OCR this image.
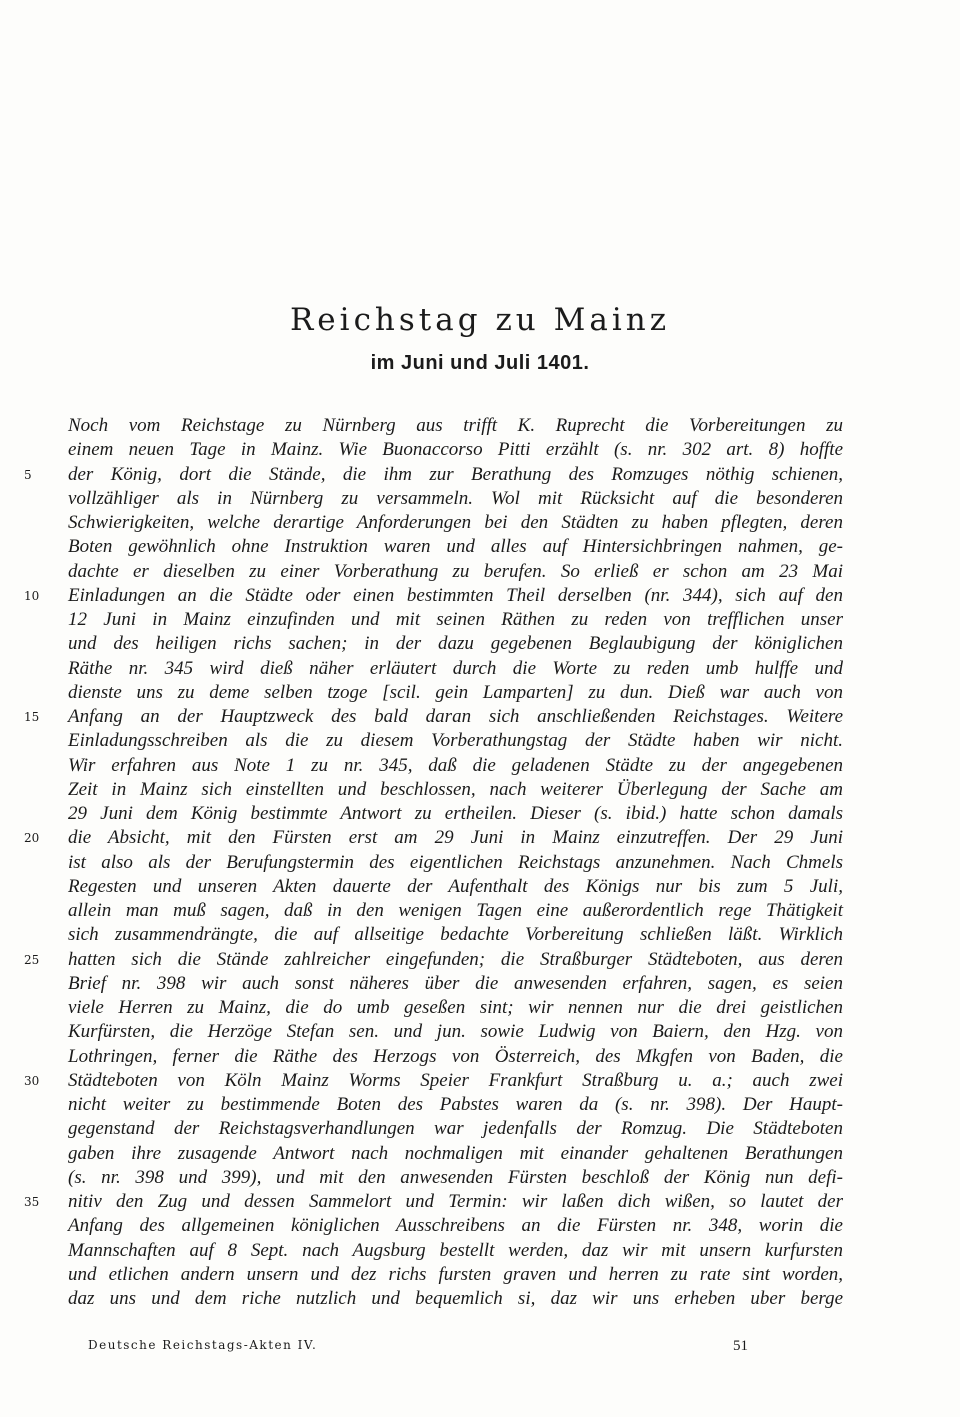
Reichstag zu Mainz
im Juni und Juli 1401.
Noch vom Reichstage zu Nürnberg aus trifft K. Ruprecht die Vorbereitungen zu
einem neuen Tage in Mainz. Wie Buonaccorso Pitti erzählt (s. nr. 302 art. 8) hoffte
5	der König, dort die Stände, die ihm zur Berathung des Romzuges nöthig schienen,
vollzähliger als in Nürnberg zu versammeln. Wol mit Rücksicht auf die besonderen
Schwierigkeiten, welche derartige Anforderungen bei den Städten zu haben pflegten, deren
Boten gewöhnlich ohne Instruktion waren und alles auf Hintersichbringen nahmen, ge-
dachte er dieselben zu einer Vorberathung zu berufen. So erließ er schon am 23 Mai
10	Einladungen an die Städte oder einen bestimmten Theil derselben (nr. 344), sich auf den
12 Juni in Mainz einzufinden und mit seinen Räthen zu reden von trefflichen unser
und des heiligen richs sachen; in der dazu gegebenen Beglaubigung der königlichen
Räthe nr. 345 wird dieß näher erläutert durch die Worte zu reden umb hulffe und
dienste uns zu deme selben tzoge [scil. gein Lamparten] zu dun. Dieß war auch von
15	Anfang an der Hauptzweck des bald daran sich anschließenden Reichstages. Weitere
Einladungsschreiben als die zu diesem Vorberathungstag der Städte haben wir nicht.
Wir erfahren aus Note 1 zu nr. 345, daß die geladenen Städte zu der angegebenen
Zeit in Mainz sich einstellten und beschlossen, nach weiterer Überlegung der Sache am
29 Juni dem König bestimmte Antwort zu ertheilen. Dieser (s. ibid.) hatte schon damals
20	die Absicht, mit den Fürsten erst am 29 Juni in Mainz einzutreffen. Der 29 Juni
ist also als der Berufungstermin des eigentlichen Reichstags anzunehmen. Nach Chmels
Regesten und unseren Akten dauerte der Aufenthalt des Königs nur bis zum 5 Juli,
allein man muß sagen, daß in den wenigen Tagen eine außerordentlich rege Thätigkeit
sich zusammendrängte, die auf allseitige bedachte Vorbereitung schließen läßt. Wirklich
25	hatten sich die Stände zahlreicher eingefunden; die Straßburger Städteboten, aus deren
Brief nr. 398 wir auch sonst näheres über die anwesenden erfahren, sagen, es seien
viele Herren zu Mainz, die do umb geseßen sint; wir nennen nur die drei geistlichen
Kurfürsten, die Herzöge Stefan sen. und jun. sowie Ludwig von Baiern, den Hzg. von
Lothringen, ferner die Räthe des Herzogs von Österreich, des Mkgfen von Baden, die
30	Städteboten von Köln Mainz Worms Speier Frankfurt Straßburg u. a.; auch zwei
nicht weiter zu bestimmende Boten des Pabstes waren da (s. nr. 398). Der Haupt-
gegenstand der Reichstagsverhandlungen war jedenfalls der Romzug. Die Städteboten
gaben ihre zusagende Antwort nach nochmaligen mit einander gehaltenen Berathungen
(s. nr. 398 und 399), und mit den anwesenden Fürsten beschloß der König nun defi-
35	nitiv den Zug und dessen Sammelort und Termin: wir laßen dich wißen, so lautet der
Anfang des allgemeinen königlichen Ausschreibens an die Fürsten nr. 348, worin die
Mannschaften auf 8 Sept. nach Augsburg bestellt werden, daz wir mit unsern kurfursten
und etlichen andern unsern und dez richs fursten graven und herren zu rate sint worden,
daz uns und dem riche nutzlich und bequemlich si, daz wir uns erheben uber berge
Deutsche Reichstags-Akten IV.	51
